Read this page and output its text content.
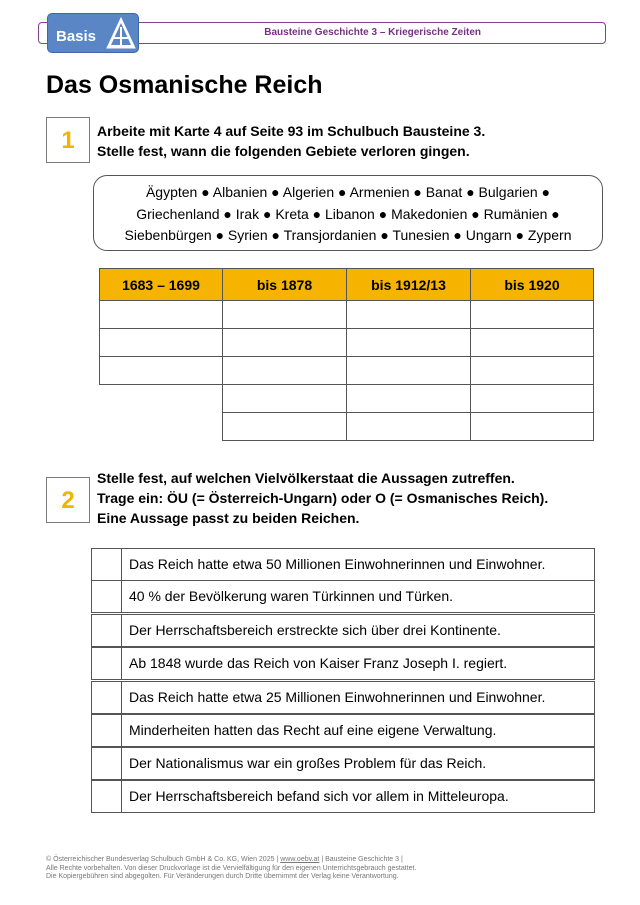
Bausteine Geschichte 3 – Kriegerische Zeiten
Basis
Das Osmanische Reich
1	Arbeite mit Karte 4 auf Seite 93 im Schulbuch Bausteine 3.
Stelle fest, wann die folgenden Gebiete verloren gingen.
Ägypten ● Albanien ● Algerien ● Armenien ● Banat ● Bulgarien ●
Griechenland ● Irak ● Kreta ● Libanon ● Makedonien ● Rumänien ●
Siebenbürgen ● Syrien ● Transjordanien ● Tunesien ● Ungarn ● Zypern
1683 – 1699	bis 1878	bis 1912/13	bis 1920
2
Stelle fest, auf welchen Vielvölkerstaat die Aussagen zutreffen.
Trage ein: ÖU (= Österreich-Ungarn) oder O (= Osmanisches Reich).
Eine Aussage passt zu beiden Reichen.
Das Reich hatte etwa 50 Millionen Einwohnerinnen und Einwohner.
40 % der Bevölkerung waren Türkinnen und Türken.
Der Herrschaftsbereich erstreckte sich über drei Kontinente.
Ab 1848 wurde das Reich von Kaiser Franz Joseph I. regiert.
Das Reich hatte etwa 25 Millionen Einwohnerinnen und Einwohner.
Minderheiten hatten das Recht auf eine eigene Verwaltung.
Der Nationalismus war ein großes Problem für das Reich.
Der Herrschaftsbereich befand sich vor allem in Mitteleuropa.
© Österreichischer Bundesverlag Schulbuch GmbH & Co. KG, Wien 2025 | www.oebv.at | Bausteine Geschichte 3 |
Alle Rechte vorbehalten. Von dieser Druckvorlage ist die Vervielfältigung für den eigenen Unterrichtsgebrauch gestattet.
Die Kopiergebühren sind abgegolten. Für Veränderungen durch Dritte übernimmt der Verlag keine Verantwortung.
